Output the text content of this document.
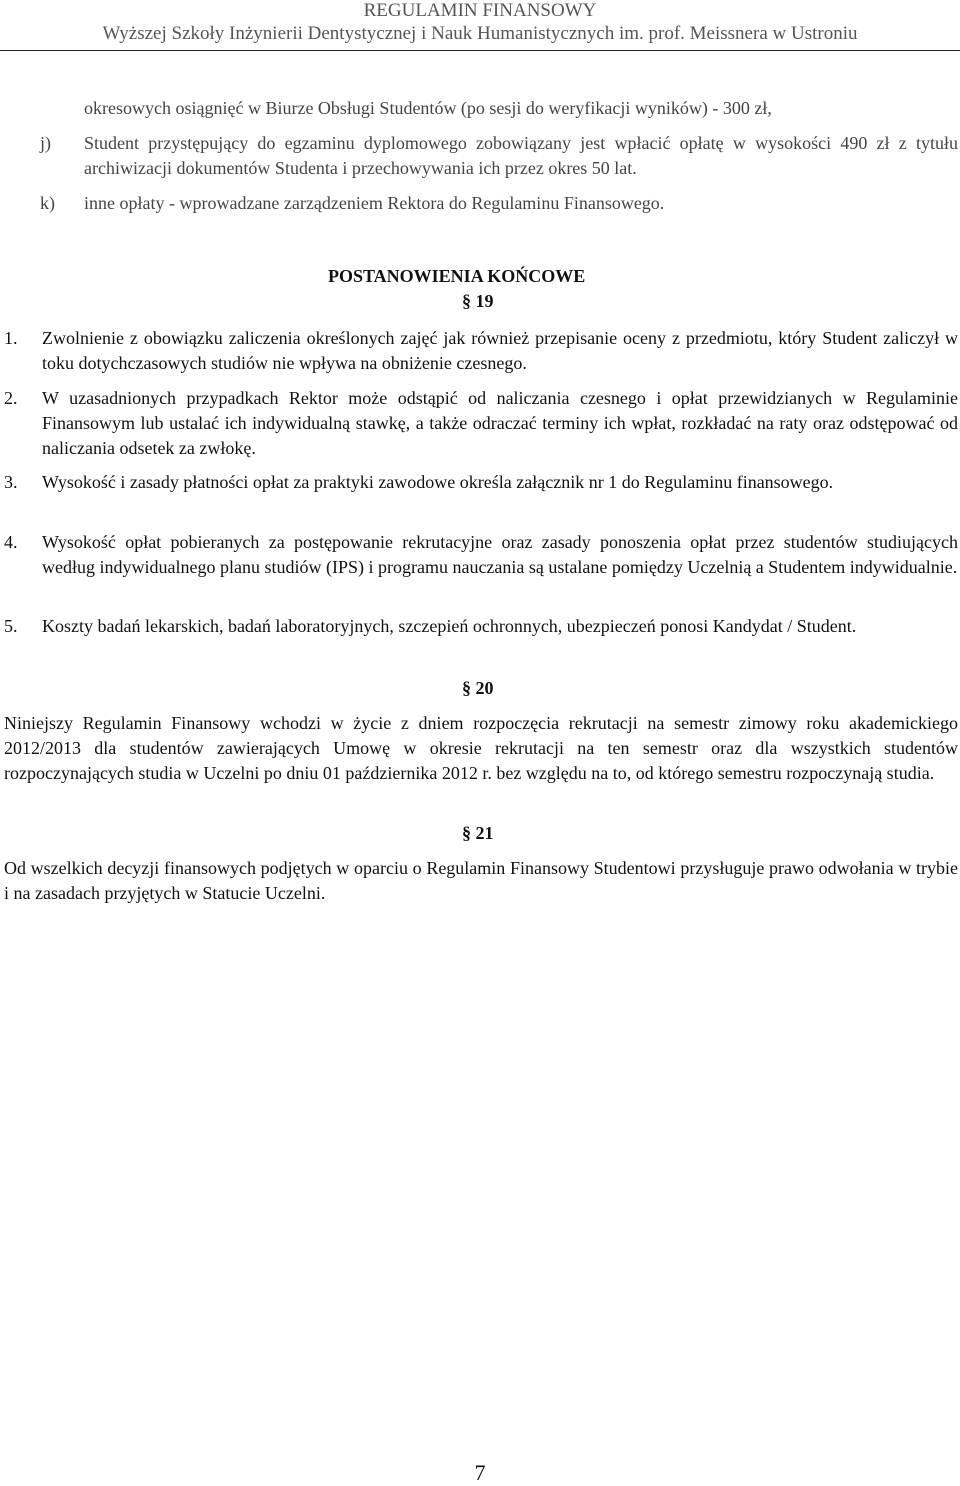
REGULAMIN FINANSOWY
Wyższej Szkoły Inżynierii Dentystycznej i Nauk Humanistycznych im. prof. Meissnera w Ustroniu
okresowych osiągnięć w Biurze Obsługi Studentów (po sesji do weryfikacji wyników) - 300 zł,
j) Student przystępujący do egzaminu dyplomowego zobowiązany jest wpłacić opłatę w wysokości 490 zł z tytułu archiwizacji dokumentów Studenta i przechowywania ich przez okres 50 lat.
k) inne opłaty - wprowadzane zarządzeniem Rektora do Regulaminu Finansowego.
POSTANOWIENIA KOŃCOWE
§ 19
1. Zwolnienie z obowiązku zaliczenia określonych zajęć jak również przepisanie oceny z przedmiotu, który Student zaliczył w toku dotychczasowych studiów nie wpływa na obniżenie czesnego.
2. W uzasadnionych przypadkach Rektor może odstąpić od naliczania czesnego i opłat przewidzianych w Regulaminie Finansowym lub ustalać ich indywidualną stawkę, a także odraczać terminy ich wpłat, rozkładać na raty oraz odstępować od naliczania odsetek za zwłokę.
3. Wysokość i zasady płatności opłat za praktyki zawodowe określa załącznik nr 1 do Regulaminu finansowego.
4. Wysokość opłat pobieranych za postępowanie rekrutacyjne oraz zasady ponoszenia opłat przez studentów studiujących według indywidualnego planu studiów (IPS) i programu nauczania są ustalane pomiędzy Uczelnią a Studentem indywidualnie.
5. Koszty badań lekarskich, badań laboratoryjnych, szczepień ochronnych, ubezpieczeń ponosi Kandydat / Student.
§ 20
Niniejszy Regulamin Finansowy wchodzi w życie z dniem rozpoczęcia rekrutacji na semestr zimowy roku akademickiego 2012/2013 dla studentów zawierających Umowę w okresie rekrutacji na ten semestr oraz dla wszystkich studentów rozpoczynających studia w Uczelni po dniu 01 października 2012 r. bez względu na to, od którego semestru rozpoczynają studia.
§ 21
Od wszelkich decyzji finansowych podjętych w oparciu o Regulamin Finansowy Studentowi przysługuje prawo odwołania w trybie i na zasadach przyjętych w Statucie Uczelni.
7
